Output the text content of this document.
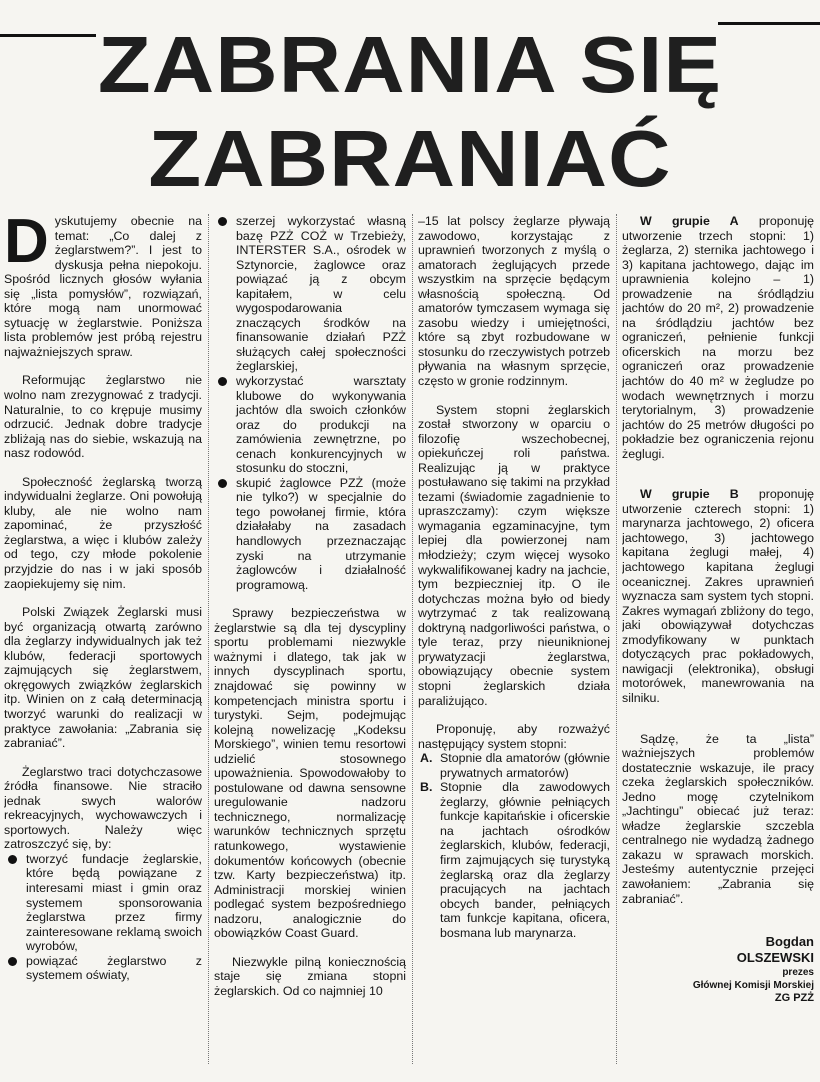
ZABRANIA SIĘ
ZABRANIAĆ

Dyskutujemy obecnie na temat: „Co dalej z żeglarstwem?”. I jest to dyskusja pełna niepokoju. Spośród licznych głosów wyłania się „lista pomysłów”, rozwiązań, które mogą nam unormować sytuację w żeglarstwie. Poniższa lista problemów jest próbą rejestru najważniejszych spraw.

Reformując żeglarstwo nie wolno nam zrezygnować z tradycji. Naturalnie, to co krępuje musimy odrzucić. Jednak dobre tradycje zbliżają nas do siebie, wskazują na nasz rodowód.

Społeczność żeglarską tworzą indywidualni żeglarze. Oni powołują kluby, ale nie wolno nam zapominać, że przyszłość żeglarstwa, a więc i klubów zależy od tego, czy młode pokolenie przyjdzie do nas i w jaki sposób zaopiekujemy się nim.

Polski Związek Żeglarski musi być organizacją otwartą zarówno dla żeglarzy indywidualnych jak też klubów, federacji sportowych zajmujących się żeglarstwem, okręgowych związków żeglarskich itp. Winien on z całą determinacją tworzyć warunki do realizacji w praktyce zawołania: „Zabrania się zabraniać”.

Żeglarstwo traci dotychczasowe źródła finansowe. Nie straciło jednak swych walorów rekreacyjnych, wychowawczych i sportowych. Należy więc zatroszczyć się, by:

tworzyć fundacje żeglarskie, które będą powiązane z interesami miast i gmin oraz systemem sponsorowania żeglarstwa przez firmy zainteresowane reklamą swoich wyrobów,
powiązać żeglarstwo z systemem oświaty,
szerzej wykorzystać własną bazę PZŻ COŻ w Trzebieży, INTERSTER S.A., ośrodek w Sztynorcie, żaglowce oraz powiązać ją z obcym kapitałem, w celu wygospodarowania znaczących środków na finansowanie działań PZŻ służących całej społeczności żeglarskiej,
wykorzystać warsztaty klubowe do wykonywania jachtów dla swoich członków oraz do produkcji na zamówienia zewnętrzne, po cenach konkurencyjnych w stosunku do stoczni,
skupić żaglowce PZŻ (może nie tylko?) w specjalnie do tego powołanej firmie, która działałaby na zasadach handlowych przeznaczając zyski na utrzymanie żaglowców i działalność programową.

Sprawy bezpieczeństwa w żeglarstwie są dla tej dyscypliny sportu problemami niezwykle ważnymi i dlatego, tak jak w innych dyscyplinach sportu, znajdować się powinny w kompetencjach ministra sportu i turystyki. Sejm, podejmując kolejną nowelizację „Kodeksu Morskiego”, winien temu resortowi udzielić stosownego upoważnienia. Spowodowałoby to postulowane od dawna sensowne uregulowanie nadzoru technicznego, normalizację warunków technicznych sprzętu ratunkowego, wystawienie dokumentów końcowych (obecnie tzw. Karty bezpieczeństwa) itp. Administracji morskiej winien podlegać system bezpośredniego nadzoru, analogicznie do obowiązków Coast Guard.

Niezwykle pilną koniecznością staje się zmiana stopni żeglarskich. Od co najmniej 10

–15 lat polscy żeglarze pływają zawodowo, korzystając z uprawnień tworzonych z myślą o amatorach żeglujących przede wszystkim na sprzęcie będącym własnością społeczną. Od amatorów tymczasem wymaga się zasobu wiedzy i umiejętności, które są zbyt rozbudowane w stosunku do rzeczywistych potrzeb pływania na własnym sprzęcie, często w gronie rodzinnym.

System stopni żeglarskich został stworzony w oparciu o filozofię wszechobecnej, opiekuńczej roli państwa. Realizując ją w praktyce postuławano się takimi na przykład tezami (świadomie zagadnienie to upraszczamy): czym większe wymagania egzaminacyjne, tym lepiej dla powierzonej nam młodzieży; czym więcej wysoko wykwalifikowanej kadry na jachcie, tym bezpieczniej itp. O ile dotychczas można było od biedy wytrzymać z tak realizowaną doktryną nadgorliwości państwa, o tyle teraz, przy nieuniknionej prywatyzacji żeglarstwa, obowiązujący obecnie system stopni żeglarskich działa paraliżująco.

Proponuję, aby rozważyć następujący system stopni:

A. Stopnie dla amatorów (głównie prywatnych armatorów)
B. Stopnie dla zawodowych żeglarzy, głównie pełniących funkcje kapitańskie i oficerskie na jachtach ośrodków żeglarskich, klubów, federacji, firm zajmujących się turystyką żeglarską oraz dla żeglarzy pracujących na jachtach obcych bander, pełniących tam funkcje kapitana, oficera, bosmana lub marynarza.

W grupie A proponuję utworzenie trzech stopni: 1) żeglarza, 2) sternika jachtowego i 3) kapitana jachtowego, dając im uprawnienia kolejno – 1) prowadzenie na śródlądziu jachtów do 20 m², 2) prowadzenie na śródlądziu jachtów bez ograniczeń, pełnienie funkcji oficerskich na morzu bez ograniczeń oraz prowadzenie jachtów do 40 m² w żegludze po wodach wewnętrznych i morzu terytorialnym, 3) prowadzenie jachtów do 25 metrów długości po pokładzie bez ograniczenia rejonu żeglugi.

W grupie B proponuję utworzenie czterech stopni: 1) marynarza jachtowego, 2) oficera jachtowego, 3) jachtowego kapitana żeglugi małej, 4) jachtowego kapitana żeglugi oceanicznej. Zakres uprawnień wyznacza sam system tych stopni. Zakres wymagań zbliżony do tego, jaki obowiązywał dotychczas zmodyfikowany w punktach dotyczących prac pokładowych, nawigacji (elektronika), obsługi motorówek, manewrowania na silniku.

Sądzę, że ta „lista” ważniejszych problemów dostatecznie wskazuje, ile pracy czeka żeglarskich społeczników. Jedno mogę czytelnikom „Jachtingu” obiecać już teraz: władze żeglarskie szczebla centralnego nie wydadzą żadnego zakazu w sprawach morskich. Jesteśmy autentycznie przejęci zawołaniem: „Zabrania się zabraniać”.

Bogdan
OLSZEWSKI
prezes
Głównej Komisji Morskiej
ZG PZŻ
